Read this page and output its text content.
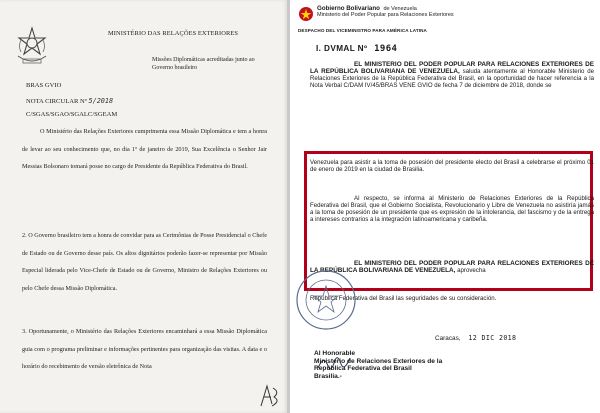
MINISTÉRIO DAS RELAÇÕES EXTERIORES
Missões Diplomáticas acreditadas junto ao Governo brasileiro
BRAS GVIO
NOTA CIRCULAR Nº 5/2018
C/SGAS/SGAO/SGALC/SGEAM
O Ministério das Relações Exteriores cumprimenta essa Missão Diplomática e tem a honra de levar ao seu conhecimento que, no dia 1º de janeiro de 2019, Sua Excelência o Senhor Jair Messias Bolsonaro tomará posse no cargo de Presidente da República Federativa do Brasil.
2. O Governo brasileiro tem a honra de convidar para as Cerimônias de Posse Presidencial o Chefe de Estado ou de Governo desse país. Os altos dignitários poderão fazer-se representar por Missão Especial liderada pelo Vice-Chefe de Estado ou de Governo, Ministro de Relações Exteriores ou pelo Chefe dessa Missão Diplomática.
3. Oportunamente, o Ministério das Relações Exteriores encaminhará a essa Missão Diplomática guia com o programa preliminar e informações pertinentes para organização das visitas. A data e o horário do recebimento de versão eletrônica de Nota
Gobierno Bolivariano de Venezuela
Ministerio del Poder Popular para Relaciones Exteriores
DESPACHO DEL VICEMINISTRO PARA AMÉRICA LATINA
I. DVMAL Nº 1964
EL MINISTERIO DEL PODER POPULAR PARA RELACIONES EXTERIORES DE LA REPÚBLICA BOLIVARIANA DE VENEZUELA, saluda atentamente al Honorable Ministerio de Relaciones Exteriores de la República Federativa del Brasil, en la oportunidad de hacer referencia a la Nota Verbal C/DAM IV/45/BRAS VENE GVIO de fecha 7 de diciembre de 2018, donde se
Venezuela para asistir a la toma de posesión del presidente electo del Brasil a celebrarse el próximo 01 de enero de 2019 en la ciudad de Brasilia.
Al respecto, se informa al Ministerio de Relaciones Exteriores de la República Federativa del Brasil, que el Gobierno Socialista, Revolucionario y Libre de Venezuela no asistiría jamás a la toma de posesión de un presidente que es expresión de la intolerancia, del fascismo y de la entrega a intereses contrarios a la integración latinoamericana y caribeña.
EL MINISTERIO DEL PODER POPULAR PARA RELACIONES EXTERIORES DE LA REPÚBLICA BOLIVARIANA DE VENEZUELA, aprovecha
República Federativa del Brasil las seguridades de su consideración.
Caracas, 12 DIC 2018
Al Honorable
Ministerio de Relaciones Exteriores de la
República Federativa del Brasil
Brasilia.-
